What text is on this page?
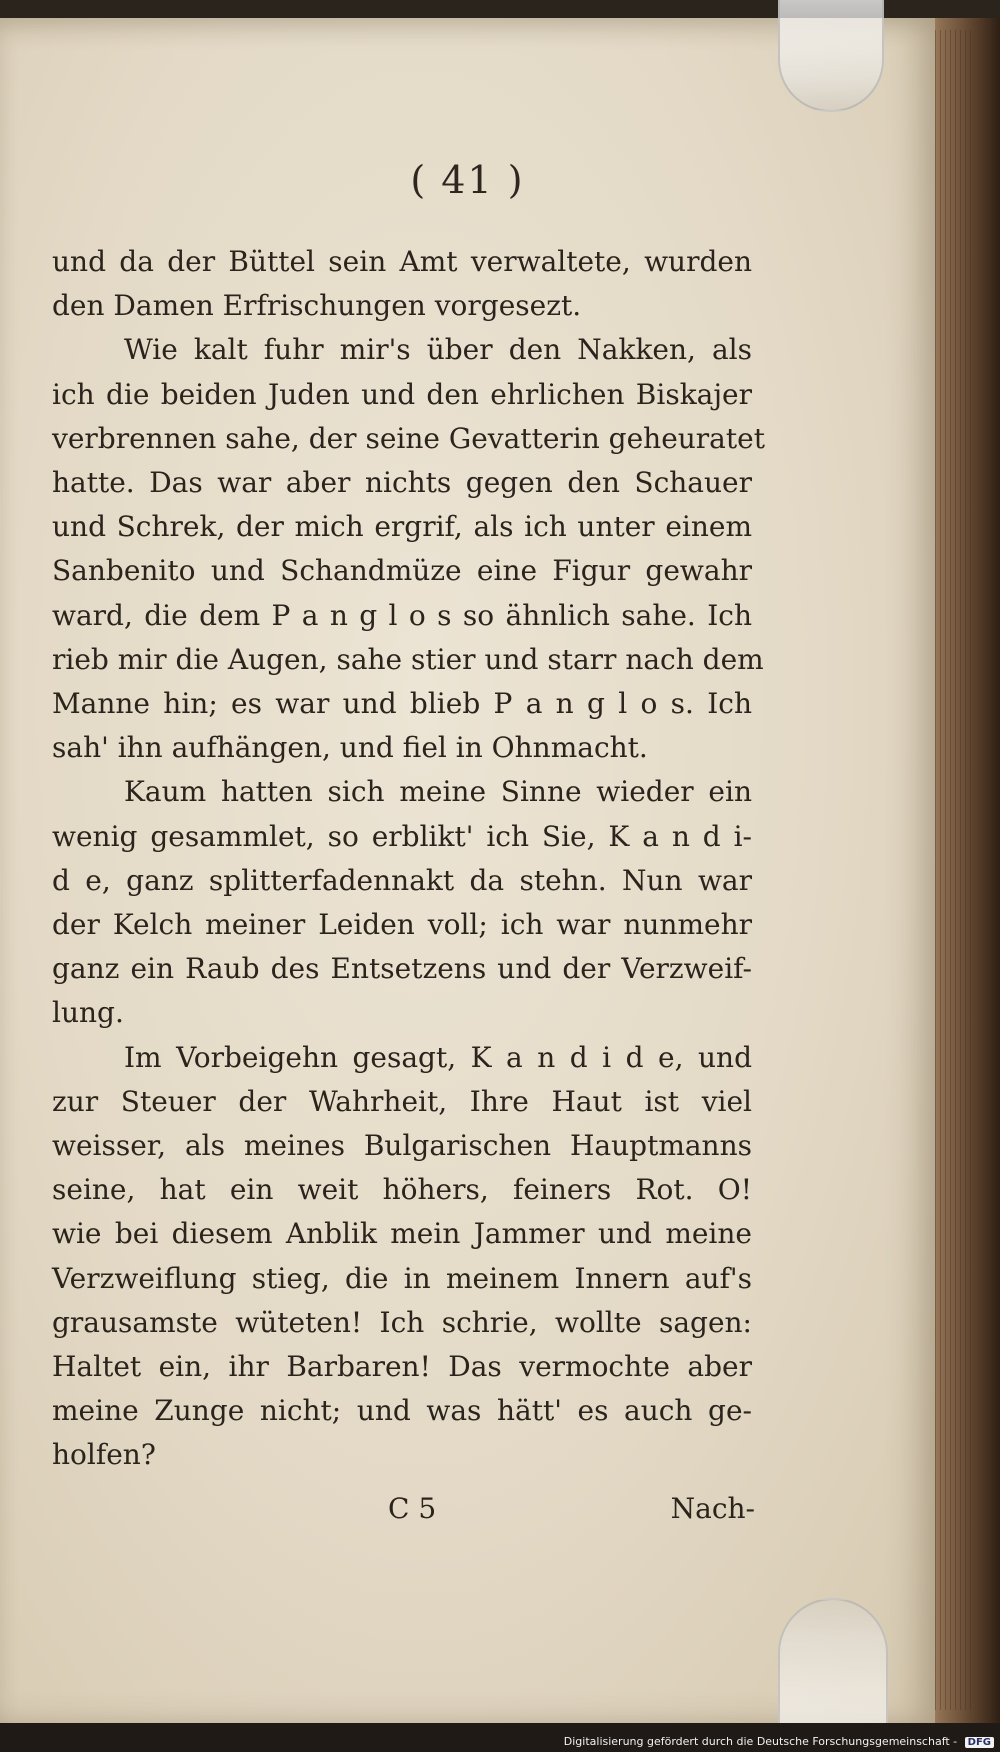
( 41 )
und da der Büttel sein Amt verwaltete, wurden
den Damen Erfrischungen vorgesezt.
Wie kalt fuhr mir's über den Nakken, als
ich die beiden Juden und den ehrlichen Biskajer
verbrennen sahe, der seine Gevatterin geheuratet
hatte. Das war aber nichts gegen den Schauer
und Schrek, der mich ergrif, als ich unter einem
Sanbenito und Schandmüze eine Figur gewahr
ward, die dem P a n g l o s so ähnlich sahe. Ich
rieb mir die Augen, sahe stier und starr nach dem
Manne hin; es war und blieb P a n g l o s. Ich
sah' ihn aufhängen, und fiel in Ohnmacht.
Kaum hatten sich meine Sinne wieder ein
wenig gesammlet, so erblikt' ich Sie, K a n d i-
d e, ganz splitterfadennakt da stehn. Nun war
der Kelch meiner Leiden voll; ich war nunmehr
ganz ein Raub des Entsetzens und der Verzweif-
lung.
Im Vorbeigehn gesagt, K a n d i d e, und
zur Steuer der Wahrheit, Ihre Haut ist viel
weisser, als meines Bulgarischen Hauptmanns
seine, hat ein weit höhers, feiners Rot. O!
wie bei diesem Anblik mein Jammer und meine
Verzweiflung stieg, die in meinem Innern auf's
grausamste wüteten! Ich schrie, wollte sagen:
Haltet ein, ihr Barbaren! Das vermochte aber
meine Zunge nicht; und was hätt' es auch ge-
holfen?
C 5	Nach-
Digitalisierung gefördert durch die Deutsche Forschungsgemeinschaft - DFG
